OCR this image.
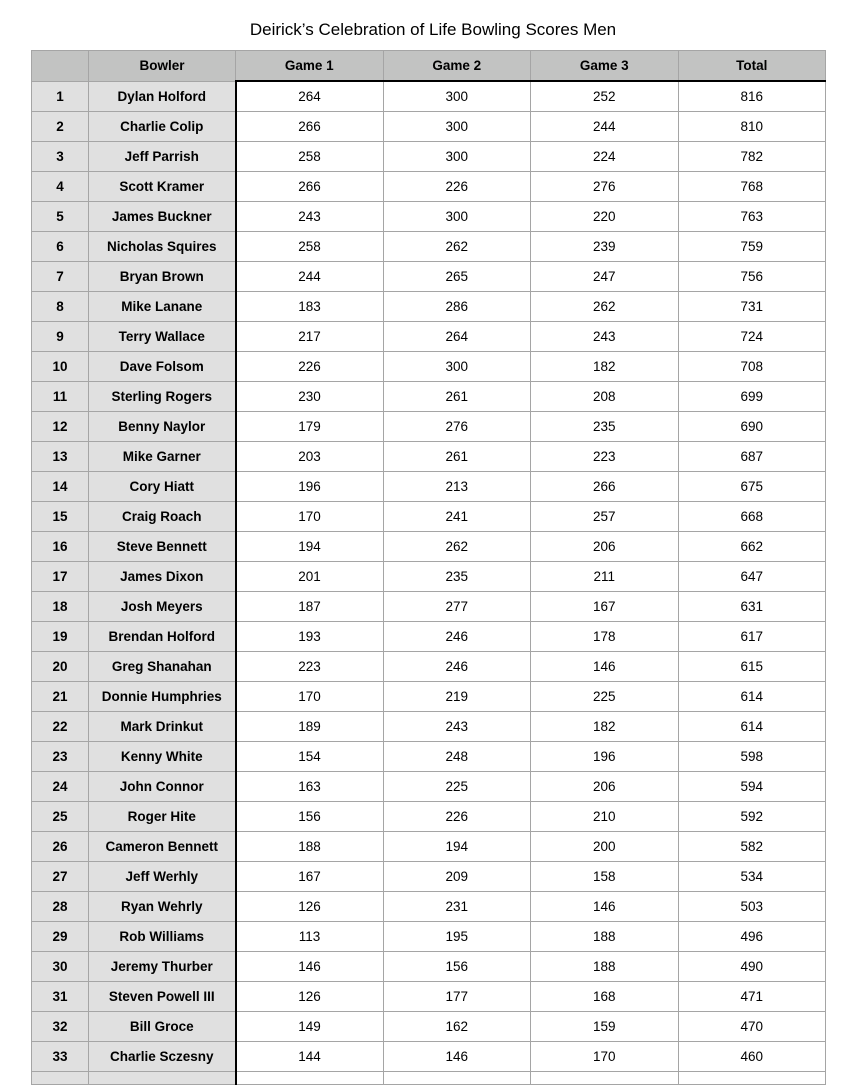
Deirick’s Celebration of Life Bowling Scores Men
	Bowler	Game 1	Game 2	Game 3	Total
1	Dylan Holford	264	300	252	816
2	Charlie Colip	266	300	244	810
3	Jeff Parrish	258	300	224	782
4	Scott Kramer	266	226	276	768
5	James Buckner	243	300	220	763
6	Nicholas Squires	258	262	239	759
7	Bryan Brown	244	265	247	756
8	Mike Lanane	183	286	262	731
9	Terry Wallace	217	264	243	724
10	Dave Folsom	226	300	182	708
11	Sterling Rogers	230	261	208	699
12	Benny Naylor	179	276	235	690
13	Mike Garner	203	261	223	687
14	Cory Hiatt	196	213	266	675
15	Craig Roach	170	241	257	668
16	Steve Bennett	194	262	206	662
17	James Dixon	201	235	211	647
18	Josh Meyers	187	277	167	631
19	Brendan Holford	193	246	178	617
20	Greg Shanahan	223	246	146	615
21	Donnie Humphries	170	219	225	614
22	Mark Drinkut	189	243	182	614
23	Kenny White	154	248	196	598
24	John Connor	163	225	206	594
25	Roger Hite	156	226	210	592
26	Cameron Bennett	188	194	200	582
27	Jeff Werhly	167	209	158	534
28	Ryan Wehrly	126	231	146	503
29	Rob Williams	113	195	188	496
30	Jeremy Thurber	146	156	188	490
31	Steven Powell III	126	177	168	471
32	Bill Groce	149	162	159	470
33	Charlie Sczesny	144	146	170	460
